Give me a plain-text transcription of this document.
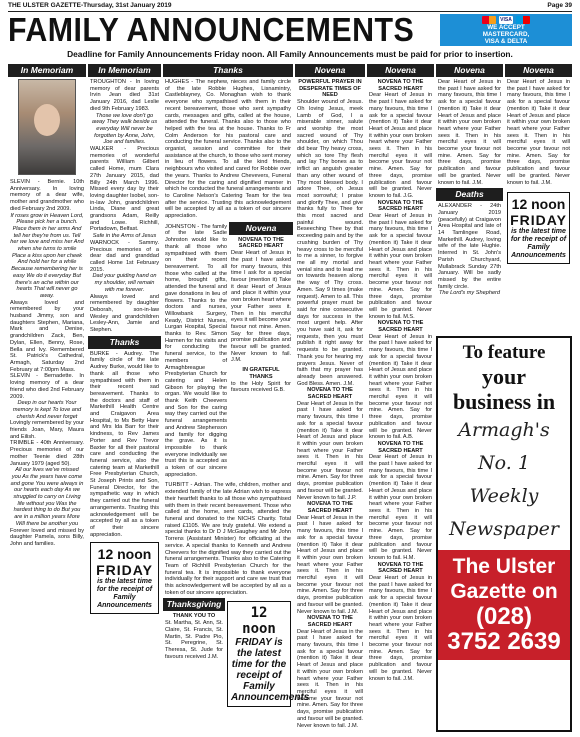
THE ULSTER GAZETTE-Thursday, 31st January 2019	Page 39
FAMILY ANNOUNCEMENTS	VISA
WE ACCEPT
MASTERCARD,
VISA & DELTA
Deadline for Family Announcements Friday noon. All Family Announcements must be paid for prior to insertion.
In Memoriam

SLEVIN - Bernie. 10th Anniversary. In loving memory of a dear wife, mother and grandmother who died February 2nd 2009.

If roses grow in Heaven Lord, Please pick her a bunch. Place them in her arms And tell her they're from us. Tell her we love and miss her And when she turns to smile Place a kiss upon her cheek And hold her for a while Because remembering her is easy We do it everyday But there's an ache within our hearts That will never go away.

Always loved and remembered by your husband Jimmy, son and daughters Stephen, Mariana, Mark and Denise, grandchildren Zack, Ben, Dylan, Ellen, Benny, Rose, Bella and Ivy. Remembered St. Patrick's Cathedral, Armagh, Saturday 2nd February at 7:00pm Mass.

SLEVIN - Bernadette. In loving memory of a dear friend who died 2nd February 2009.

Deep in our hearts Your memory is kept To love and cherish And never forget

Lovingly remembered by your friends Joan, Mary, Maura and Eilish.

TRIMBLE - 40th Anniversary. Precious memories of our mother Teenie died 28th January 1979 (aged 50).

All our lives we've missed you As the years have come and gone You were always in our hearts each day As we struggled to carry on Living life without you Was the hardest thing to do But you are in a million years More Will there be another you

Forever loved and missed by daughter Pamela, sons Billy, John and families.

In Memoriam

TROUGHTON - In loving memory of dear parents Irvin Jean died 31st January 2016, dad Leslie died 9th February 1983.

Those we love don't go away They walk beside us everyday Will never be forgotten by Anne, John, Joe and families.

WALKER - Precious memories of wonderful parents William Gilbert called Home, mum Clara 27th January 2015, dad Billy 24th March 1996. Missed every day by their loving daughter Isobel, son-in-law John, grandchildren Linda, Diane and great grandsons Adam, Reilly and Lowe. Richhill, Portadown, Belfast.

Safe in the Arms of Jesus

WARNOCK - Sammy. Precious memories of a dear dad and granddad called Home 1st February 2015.

Dad your guiding hand on my shoulder, will remain with me forever.

Always loved and remembered by daughter Deborah, son-in-law Wesley and grandchildren Lesley-Ann, Jamie and Stephen.

Thanks

BURKE - Audrey. The family circle of the late Audrey Burke, would like to thank all those who sympathised with them in their recent sad bereavement. Thanks to the doctors and staff of Markethill Health Centre and Craigavon Area Hospital, to Ms Betty Hare and Mrs Ida Barr for their kindness, to Rev James Porter and Rev Trevor Baxter for all their pastoral care and conducting the funeral service, also the catering team at Markethill Free Presbyterian Church, St Joseph Prints and Son, Funeral Director, for the sympathetic way in which they carried out the funeral arrangements. Trusting this acknowledgement will be accepted by all as a token of their sincere appreciation.

12 noon
FRIDAY
is the latest time for the receipt of Family Announcements
Thanks

HUGHES - The nephew, nieces and family circle of the late Robbie Hughes, Lisnamintry, Castleblayney, Co. Monaghan wish to thank everyone who sympathised with them in their recent bereavement, those who sent sympathy cards, messages and gifts, called at the house, attended the funeral. Thanks also to those who helped with the tea at the house. Thanks to Fr Colm Anderson for his pastoral care and conducting the funeral service. Thanks also to the organist, session and committee for their assistance at the church, to those who sent money in lieu of flowers. To all the kind friends, neighbours who visited and cared for Robbie over the years. Thanks to Andrew Chevevers, Funeral Director for the caring and dignified manner in which he conducted the funeral arrangements and to Caroline Nelson's Catering Team for the tea after the service. Trusting this acknowledgement will be accepted by all as a token of our sincere appreciation.

JOHNSTON - The family of the late Sadie Johnston would like to thank all those who sympathised with them on their recent bereavement. To all those who called at the home, brought gifts, attended the funeral and gave donations in lieu of flowers. Thanks to the doctors and nurses, Willowbank Surgery, Keady, District Nurses, Lurgan Hospital, Special thanks to Rev. Simon Harmen for his visits and for conducting the funeral service, to the members of Armaghbreague Presbyterian Church for catering and Helen Gibson for playing the organ. We would like to thank Keith Cheevers and Son for the caring way they carried out the funeral arrangements and Andrew Stephenson and family for digging the grave. As it is impossible to thank everyone individually we trust this is accepted as a token of our sincere appreciation.

Novena
NOVENA TO THE SACRED HEART

Dear Heart of Jesus in the past I have asked for many favours, this time I ask for a special favour (mention it) Take it dear Heart of Jesus and place it within your own broken heart where your Father sees it. Then in his merciful eyes it will become your favour not mine. Amen. Say for three days, promise publication and favour will be granted. Never known to fail. J.M.

IN GRATEFUL THANKS

to the Holy Spirit for favours received G.B.

TURBITT - Adrian. The wife, children, mother and extended family of the late Adrian wish to express their heartfelt thanks to all those who sympathised with them in their recent bereavement. Those who called at the home, sent cards, attended the funeral and donated to the NICHS Charity. Total raised £1105. We are truly grateful. We extend a special thanks to Dr D J McGaughey and Mr John Torrens (Assistant Minister) for officiating at the service. A special thanks to Kenneth and Andrew Cheevers for the dignified way they carried out the funeral arrangements. Thanks also to the Catering Team of Richhill Presbyterian Church for the funeral tea. It is impossible to thank everyone individually for their support and care we trust that this acknowledgement will be accepted by all as a token of our sincere appreciation.

Thanksgiving
THANK YOU TO

St. Martha, St. Ann, St. Claire, St. Francis, St. Martin, St. Padre Pio, St. Peregrine, St. Theresa, St. Jude for favours received J.M.

12 noon
FRIDAY is the latest time for the receipt of Family Announcements
Novena
POWERFUL PRAYER IN DESPERATE TIMES OF NEED

Shoulder wound of Jesus. Oh loving Jesus, meek Lamb of God, I a miserable sinner, salute and worship the most sacred wound of Thy shoulder, on which Thou did bear Thy heavy cross, which so tore Thy flesh and lay Thy bones as to inflict an anguish greater than any other wound of Thy most blessed body. I adore Thee, oh Jesus most sorrowful; I praise and glorify Thee, and give thanks fully to Thee for this most sacred and painful wound. Beseeching Thee by that exceeding pain and by the crushing burden of Thy heavy cross to be merciful to me a sinner, to forgive me all my mortal and venial sins and to lead me on towards heaven along the way of Thy cross. Amen. Say 9 times (make request). Amen to all. This powerful prayer must be said for nine consecutive days for success in the most urgent help. After you have said it, ask for requests, then you must publish it right away for requests to be granted. Thank you for hearing my prayers Jesus. Never of faith that my prayer has already been answered. God Bless. Amen. J.M.

NOVENA TO THE SACRED HEART

Dear Heart of Jesus in the past I have asked for many favours, this time I ask for a special favour (mention it) Take it dear Heart of Jesus and place it within your own broken heart where your Father sees it. Then in his merciful eyes it will become your favour not mine. Amen. Say for three days, promise publication and favour will be granted. Never known to fail. J.P.

NOVENA TO THE SACRED HEART

Dear Heart of Jesus in the past I have asked for many favours, this time I ask for a special favour (mention it) Take it dear Heart of Jesus and place it within your own broken heart where your Father sees it. Then in his merciful eyes it will become your favour not mine. Amen. Say for three days, promise publication and favour will be granted. Never known to fail. J.M.

NOVENA TO THE SACRED HEART

Dear Heart of Jesus in the past I have asked for many favours, this time I ask for a special favour (mention it) Take it dear Heart of Jesus and place it within your own broken heart where your Father sees it. Then in his merciful eyes it will become your favour not mine. Amen. Say for three days, promise publication and favour will be granted. Never known to fail. J.M.

Novena
NOVENA TO THE SACRED HEART

Dear Heart of Jesus in the past I have asked for many favours, this time I ask for a special favour (mention it) Take it dear Heart of Jesus and place it within your own broken heart where your Father sees it. Then in his merciful eyes it will become your favour not mine. Amen. Say for three days, promise publication and favour will be granted. Never known to fail. J.G.

NOVENA TO THE SACRED HEART

Dear Heart of Jesus in the past I have asked for many favours, this time I ask for a special favour (mention it) Take it dear Heart of Jesus and place it within your own broken heart where your Father sees it. Then in his merciful eyes it will become your favour not mine. Amen. Say for three days, promise publication and favour will be granted. Never known to fail. M.S.

NOVENA TO THE SACRED HEART

Dear Heart of Jesus in the past I have asked for many favours, this time I ask for a special favour (mention it) Take it dear Heart of Jesus and place it within your own broken heart where your Father sees it. Then in his merciful eyes it will become your favour not mine. Amen. Say for three days, promise publication and favour will be granted. Never known to fail. A.B.

NOVENA TO THE SACRED HEART

Dear Heart of Jesus in the past I have asked for many favours, this time I ask for a special favour (mention it) Take it dear Heart of Jesus and place it within your own broken heart where your Father sees it. Then in his merciful eyes it will become your favour not mine. Amen. Say for three days, promise publication and favour will be granted. Never known to fail. H.M.

NOVENA TO THE SACRED HEART

Dear Heart of Jesus in the past I have asked for many favours, this time I ask for a special favour (mention it) Take it dear Heart of Jesus and place it within your own broken heart where your Father sees it. Then in his merciful eyes it will become your favour not mine. Amen. Say for three days, promise publication and favour will be granted. Never known to fail. J.M.

Novena

Dear Heart of Jesus in the past I have asked for many favours, this time I ask for a special favour (mention it) Take it dear Heart of Jesus and place it within your own broken heart where your Father sees it. Then in his merciful eyes it will become your favour not mine. Amen. Say for three days, promise publication and favour will be granted. Never known to fail. J.M.

Deaths

ALEXANDER - 24th January 2019 (peacefully) at Craigavon Area Hospital and late of 14 Tamlingee Road, Markethill. Audrey, loving wife of the late Hughie. Interred in St. John's Parish Churchyard, Mullabrack Sunday 27th January. Will be sadly missed by the entire family circle.

The Lord's my Shepherd
Novena

Dear Heart of Jesus in the past I have asked for many favours, this time I ask for a special favour (mention it) Take it dear Heart of Jesus and place it within your own broken heart where your Father sees it. Then in his merciful eyes it will become your favour not mine. Amen. Say for three days, promise publication and favour will be granted. Never known to fail. J.M.

12 noon
FRIDAY
is the latest time for the receipt of Family Announcements
To feature
your
business in
Armagh's
No. 1
Weekly
Newspaper
The Ulster
Gazette on
(028)
3752 2639
